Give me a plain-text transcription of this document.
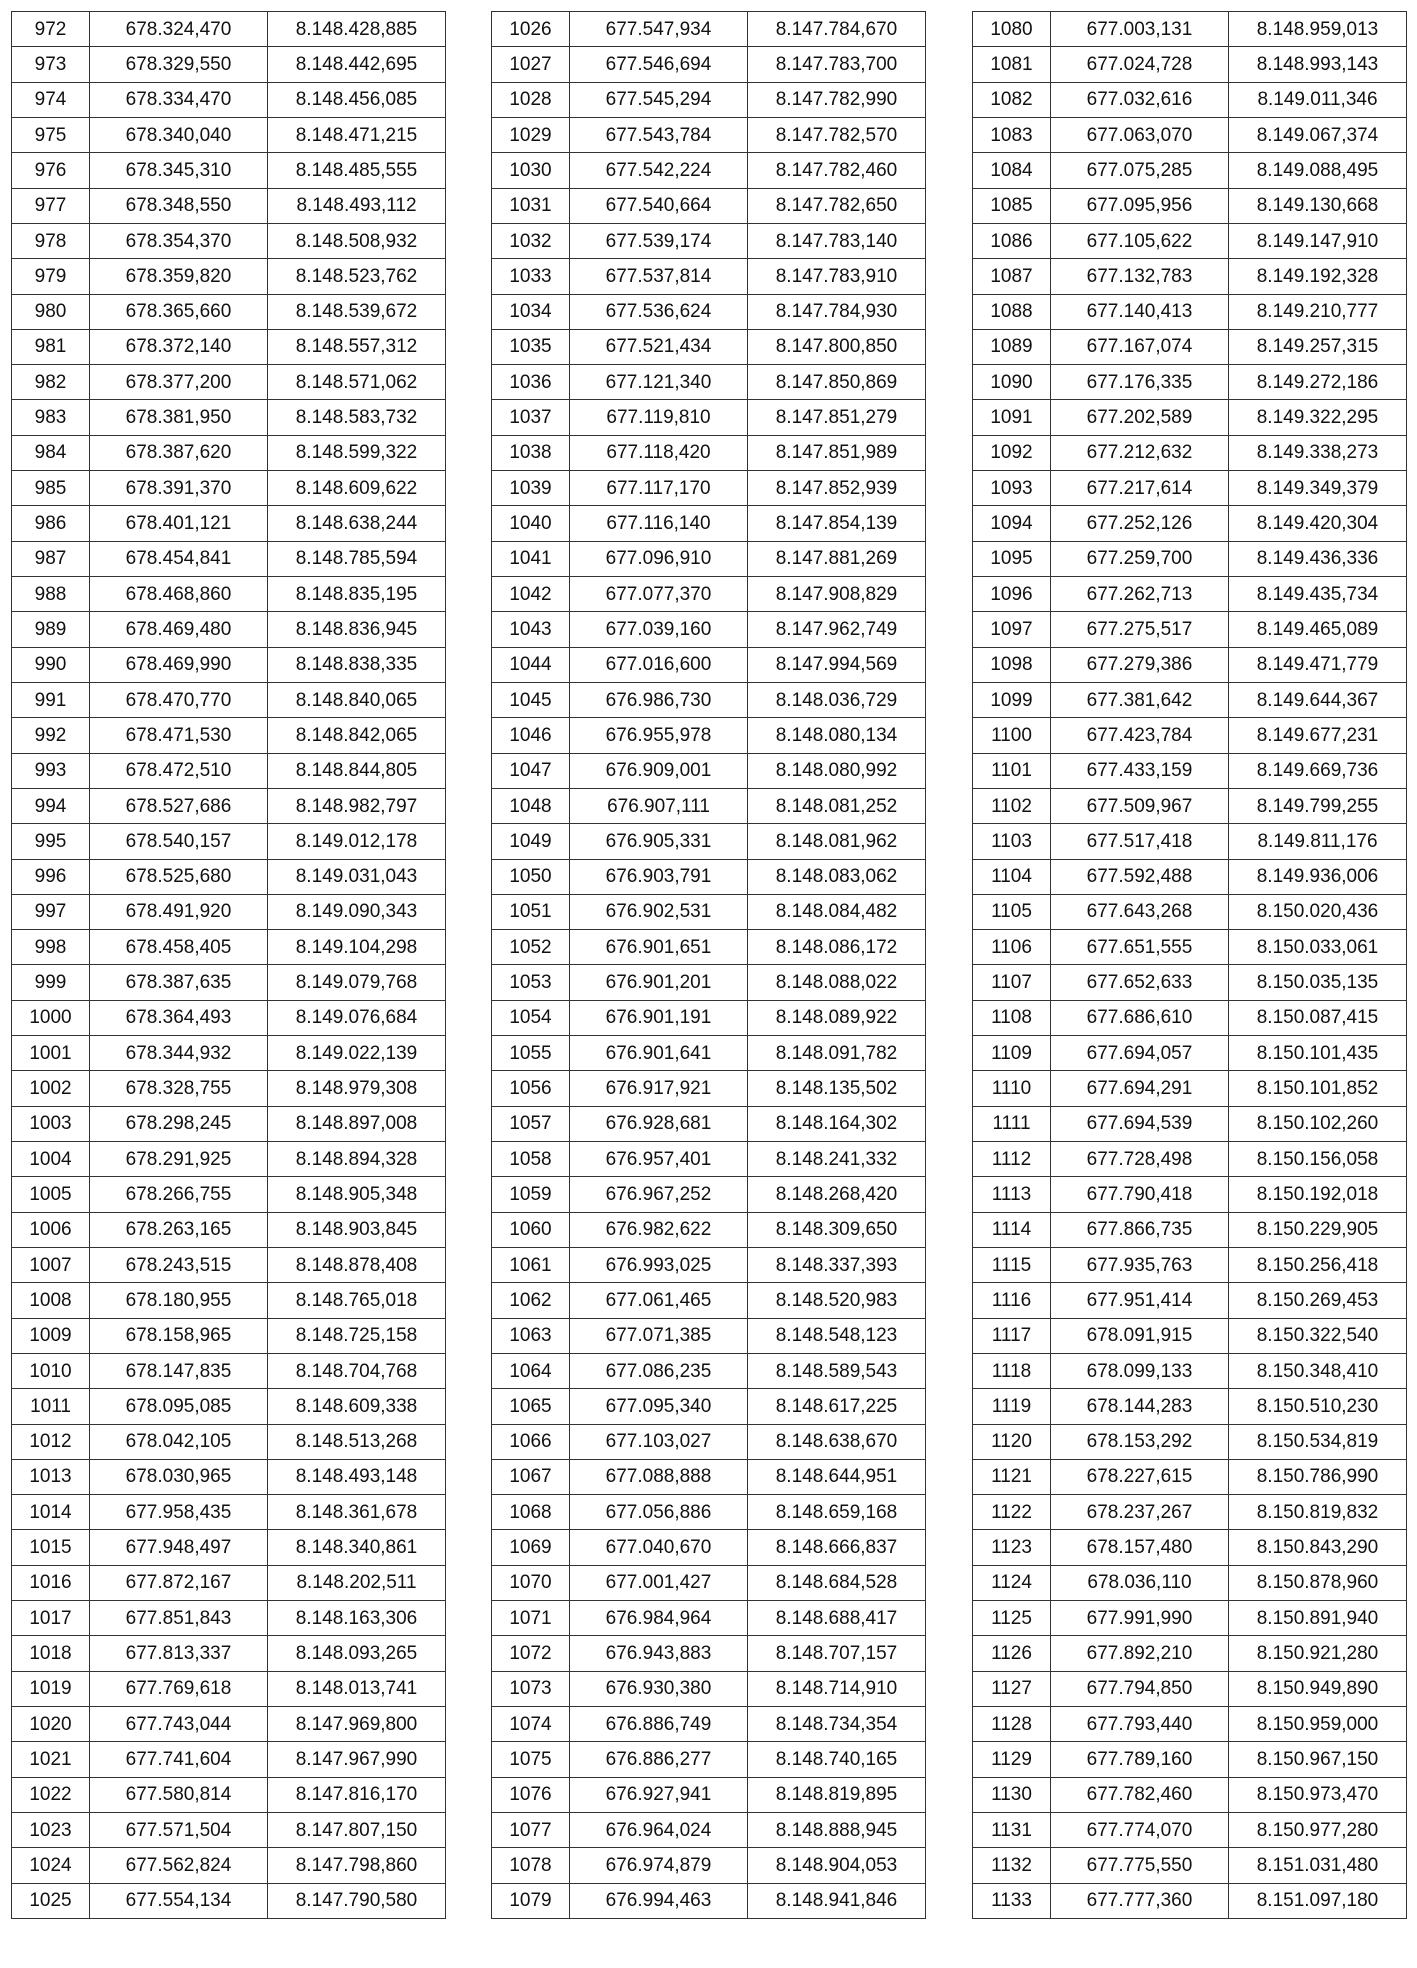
972	678.324,470	8.148.428,885
973	678.329,550	8.148.442,695
974	678.334,470	8.148.456,085
975	678.340,040	8.148.471,215
976	678.345,310	8.148.485,555
977	678.348,550	8.148.493,112
978	678.354,370	8.148.508,932
979	678.359,820	8.148.523,762
980	678.365,660	8.148.539,672
981	678.372,140	8.148.557,312
982	678.377,200	8.148.571,062
983	678.381,950	8.148.583,732
984	678.387,620	8.148.599,322
985	678.391,370	8.148.609,622
986	678.401,121	8.148.638,244
987	678.454,841	8.148.785,594
988	678.468,860	8.148.835,195
989	678.469,480	8.148.836,945
990	678.469,990	8.148.838,335
991	678.470,770	8.148.840,065
992	678.471,530	8.148.842,065
993	678.472,510	8.148.844,805
994	678.527,686	8.148.982,797
995	678.540,157	8.149.012,178
996	678.525,680	8.149.031,043
997	678.491,920	8.149.090,343
998	678.458,405	8.149.104,298
999	678.387,635	8.149.079,768
1000	678.364,493	8.149.076,684
1001	678.344,932	8.149.022,139
1002	678.328,755	8.148.979,308
1003	678.298,245	8.148.897,008
1004	678.291,925	8.148.894,328
1005	678.266,755	8.148.905,348
1006	678.263,165	8.148.903,845
1007	678.243,515	8.148.878,408
1008	678.180,955	8.148.765,018
1009	678.158,965	8.148.725,158
1010	678.147,835	8.148.704,768
1011	678.095,085	8.148.609,338
1012	678.042,105	8.148.513,268
1013	678.030,965	8.148.493,148
1014	677.958,435	8.148.361,678
1015	677.948,497	8.148.340,861
1016	677.872,167	8.148.202,511
1017	677.851,843	8.148.163,306
1018	677.813,337	8.148.093,265
1019	677.769,618	8.148.013,741
1020	677.743,044	8.147.969,800
1021	677.741,604	8.147.967,990
1022	677.580,814	8.147.816,170
1023	677.571,504	8.147.807,150
1024	677.562,824	8.147.798,860
1025	677.554,134	8.147.790,580
1026	677.547,934	8.147.784,670
1027	677.546,694	8.147.783,700
1028	677.545,294	8.147.782,990
1029	677.543,784	8.147.782,570
1030	677.542,224	8.147.782,460
1031	677.540,664	8.147.782,650
1032	677.539,174	8.147.783,140
1033	677.537,814	8.147.783,910
1034	677.536,624	8.147.784,930
1035	677.521,434	8.147.800,850
1036	677.121,340	8.147.850,869
1037	677.119,810	8.147.851,279
1038	677.118,420	8.147.851,989
1039	677.117,170	8.147.852,939
1040	677.116,140	8.147.854,139
1041	677.096,910	8.147.881,269
1042	677.077,370	8.147.908,829
1043	677.039,160	8.147.962,749
1044	677.016,600	8.147.994,569
1045	676.986,730	8.148.036,729
1046	676.955,978	8.148.080,134
1047	676.909,001	8.148.080,992
1048	676.907,111	8.148.081,252
1049	676.905,331	8.148.081,962
1050	676.903,791	8.148.083,062
1051	676.902,531	8.148.084,482
1052	676.901,651	8.148.086,172
1053	676.901,201	8.148.088,022
1054	676.901,191	8.148.089,922
1055	676.901,641	8.148.091,782
1056	676.917,921	8.148.135,502
1057	676.928,681	8.148.164,302
1058	676.957,401	8.148.241,332
1059	676.967,252	8.148.268,420
1060	676.982,622	8.148.309,650
1061	676.993,025	8.148.337,393
1062	677.061,465	8.148.520,983
1063	677.071,385	8.148.548,123
1064	677.086,235	8.148.589,543
1065	677.095,340	8.148.617,225
1066	677.103,027	8.148.638,670
1067	677.088,888	8.148.644,951
1068	677.056,886	8.148.659,168
1069	677.040,670	8.148.666,837
1070	677.001,427	8.148.684,528
1071	676.984,964	8.148.688,417
1072	676.943,883	8.148.707,157
1073	676.930,380	8.148.714,910
1074	676.886,749	8.148.734,354
1075	676.886,277	8.148.740,165
1076	676.927,941	8.148.819,895
1077	676.964,024	8.148.888,945
1078	676.974,879	8.148.904,053
1079	676.994,463	8.148.941,846
1080	677.003,131	8.148.959,013
1081	677.024,728	8.148.993,143
1082	677.032,616	8.149.011,346
1083	677.063,070	8.149.067,374
1084	677.075,285	8.149.088,495
1085	677.095,956	8.149.130,668
1086	677.105,622	8.149.147,910
1087	677.132,783	8.149.192,328
1088	677.140,413	8.149.210,777
1089	677.167,074	8.149.257,315
1090	677.176,335	8.149.272,186
1091	677.202,589	8.149.322,295
1092	677.212,632	8.149.338,273
1093	677.217,614	8.149.349,379
1094	677.252,126	8.149.420,304
1095	677.259,700	8.149.436,336
1096	677.262,713	8.149.435,734
1097	677.275,517	8.149.465,089
1098	677.279,386	8.149.471,779
1099	677.381,642	8.149.644,367
1100	677.423,784	8.149.677,231
1101	677.433,159	8.149.669,736
1102	677.509,967	8.149.799,255
1103	677.517,418	8.149.811,176
1104	677.592,488	8.149.936,006
1105	677.643,268	8.150.020,436
1106	677.651,555	8.150.033,061
1107	677.652,633	8.150.035,135
1108	677.686,610	8.150.087,415
1109	677.694,057	8.150.101,435
1110	677.694,291	8.150.101,852
1111	677.694,539	8.150.102,260
1112	677.728,498	8.150.156,058
1113	677.790,418	8.150.192,018
1114	677.866,735	8.150.229,905
1115	677.935,763	8.150.256,418
1116	677.951,414	8.150.269,453
1117	678.091,915	8.150.322,540
1118	678.099,133	8.150.348,410
1119	678.144,283	8.150.510,230
1120	678.153,292	8.150.534,819
1121	678.227,615	8.150.786,990
1122	678.237,267	8.150.819,832
1123	678.157,480	8.150.843,290
1124	678.036,110	8.150.878,960
1125	677.991,990	8.150.891,940
1126	677.892,210	8.150.921,280
1127	677.794,850	8.150.949,890
1128	677.793,440	8.150.959,000
1129	677.789,160	8.150.967,150
1130	677.782,460	8.150.973,470
1131	677.774,070	8.150.977,280
1132	677.775,550	8.151.031,480
1133	677.777,360	8.151.097,180
